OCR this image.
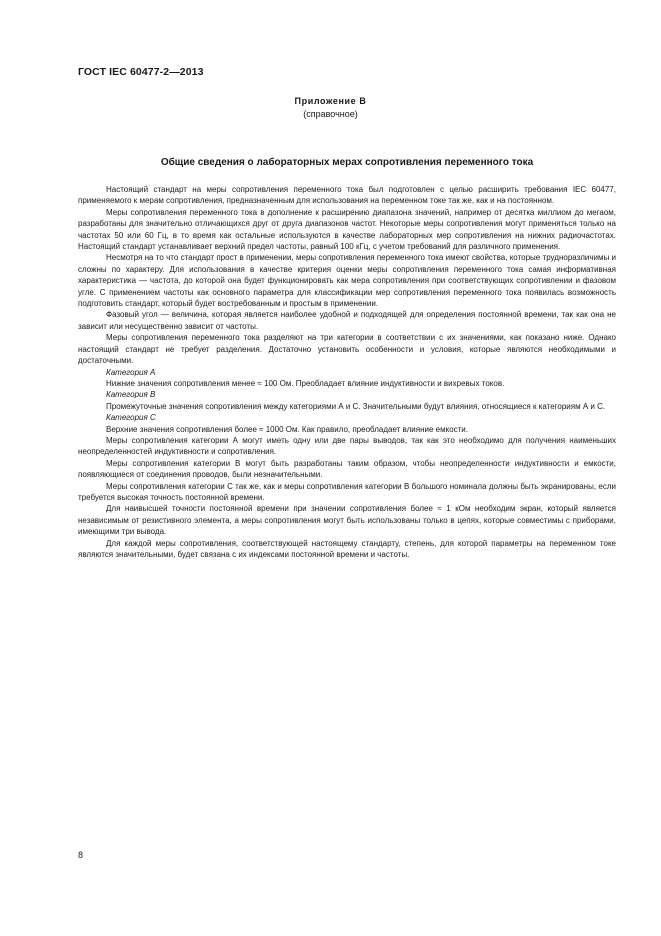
ГОСТ IEC 60477-2—2013
Приложение В
(справочное)
Общие сведения о лабораторных мерах сопротивления переменного тока

Настоящий стандарт на меры сопротивления переменного тока был подготовлен с целью расширить требования IEC 60477, применяемого к мерам сопротивления, предназначенным для использования на переменном токе так же, как и на постоянном.

Меры сопротивления переменного тока в дополнение к расширению диапазона значений, например от десятка миллиом до мегаом, разработаны для значительно отличающихся друг от друга диапазонов частот. Некоторые меры сопротивления могут применяться только на частотах 50 или 60 Гц, в то время как остальные используются в качестве лабораторных мер сопротивления на нижних радиочастотах. Настоящий стандарт устанавливает верхний предел частоты, равный 100 кГц, с учетом требований для различного применения.

Несмотря на то что стандарт прост в применении, меры сопротивления переменного тока имеют свойства, которые трудноразличимы и сложны по характеру. Для использования в качестве критерия оценки меры сопротивления переменного тока самая информативная характеристика — частота, до которой она будет функционировать как мера сопротивления при соответствующих сопротивлении и фазовом угле. С применением частоты как основного параметра для классификации мер сопротивления переменного тока появилась возможность подготовить стандарт, который будет востребованным и простым в применении.

Фазовый угол — величина, которая является наиболее удобной и подходящей для определения постоянной времени, так как она не зависит или несущественно зависит от частоты.

Меры сопротивления переменного тока разделяют на три категории в соответствии с их значениями, как показано ниже. Однако настоящий стандарт не требует разделения. Достаточно установить особенности и условия, которые являются необходимыми и достаточными.

Категория А

Нижние значения сопротивления менее ≈ 100 Ом. Преобладает влияние индуктивности и вихревых токов.

Категория В

Промежуточные значения сопротивления между категориями А и С. Значительными будут влияния, относящиеся к категориям А и С.

Категория С

Верхние значения сопротивления более ≈ 1000 Ом. Как правило, преобладает влияние емкости.

Меры сопротивления категории А могут иметь одну или две пары выводов, так как это необходимо для получения наименьших неопределенностей индуктивности и сопротивления.

Меры сопротивления категории В могут быть разработаны таким образом, чтобы неопределенности индуктивности и емкости, появляющиеся от соединения проводов, были незначительными.

Меры сопротивления категории С так же, как и меры сопротивления категории В большого номинала должны быть экранированы, если требуется высокая точность постоянной времени.

Для наивысшей точности постоянной времени при значении сопротивления более ≈ 1 кОм необходим экран, который является независимым от резистивного элемента, а меры сопротивления могут быть использованы только в цепях, которые совместимы с приборами, имеющими три вывода.

Для каждой меры сопротивления, соответствующей настоящему стандарту, степень, для которой параметры на переменном токе являются значительными, будет связана с их индексами постоянной времени и частоты.

8
